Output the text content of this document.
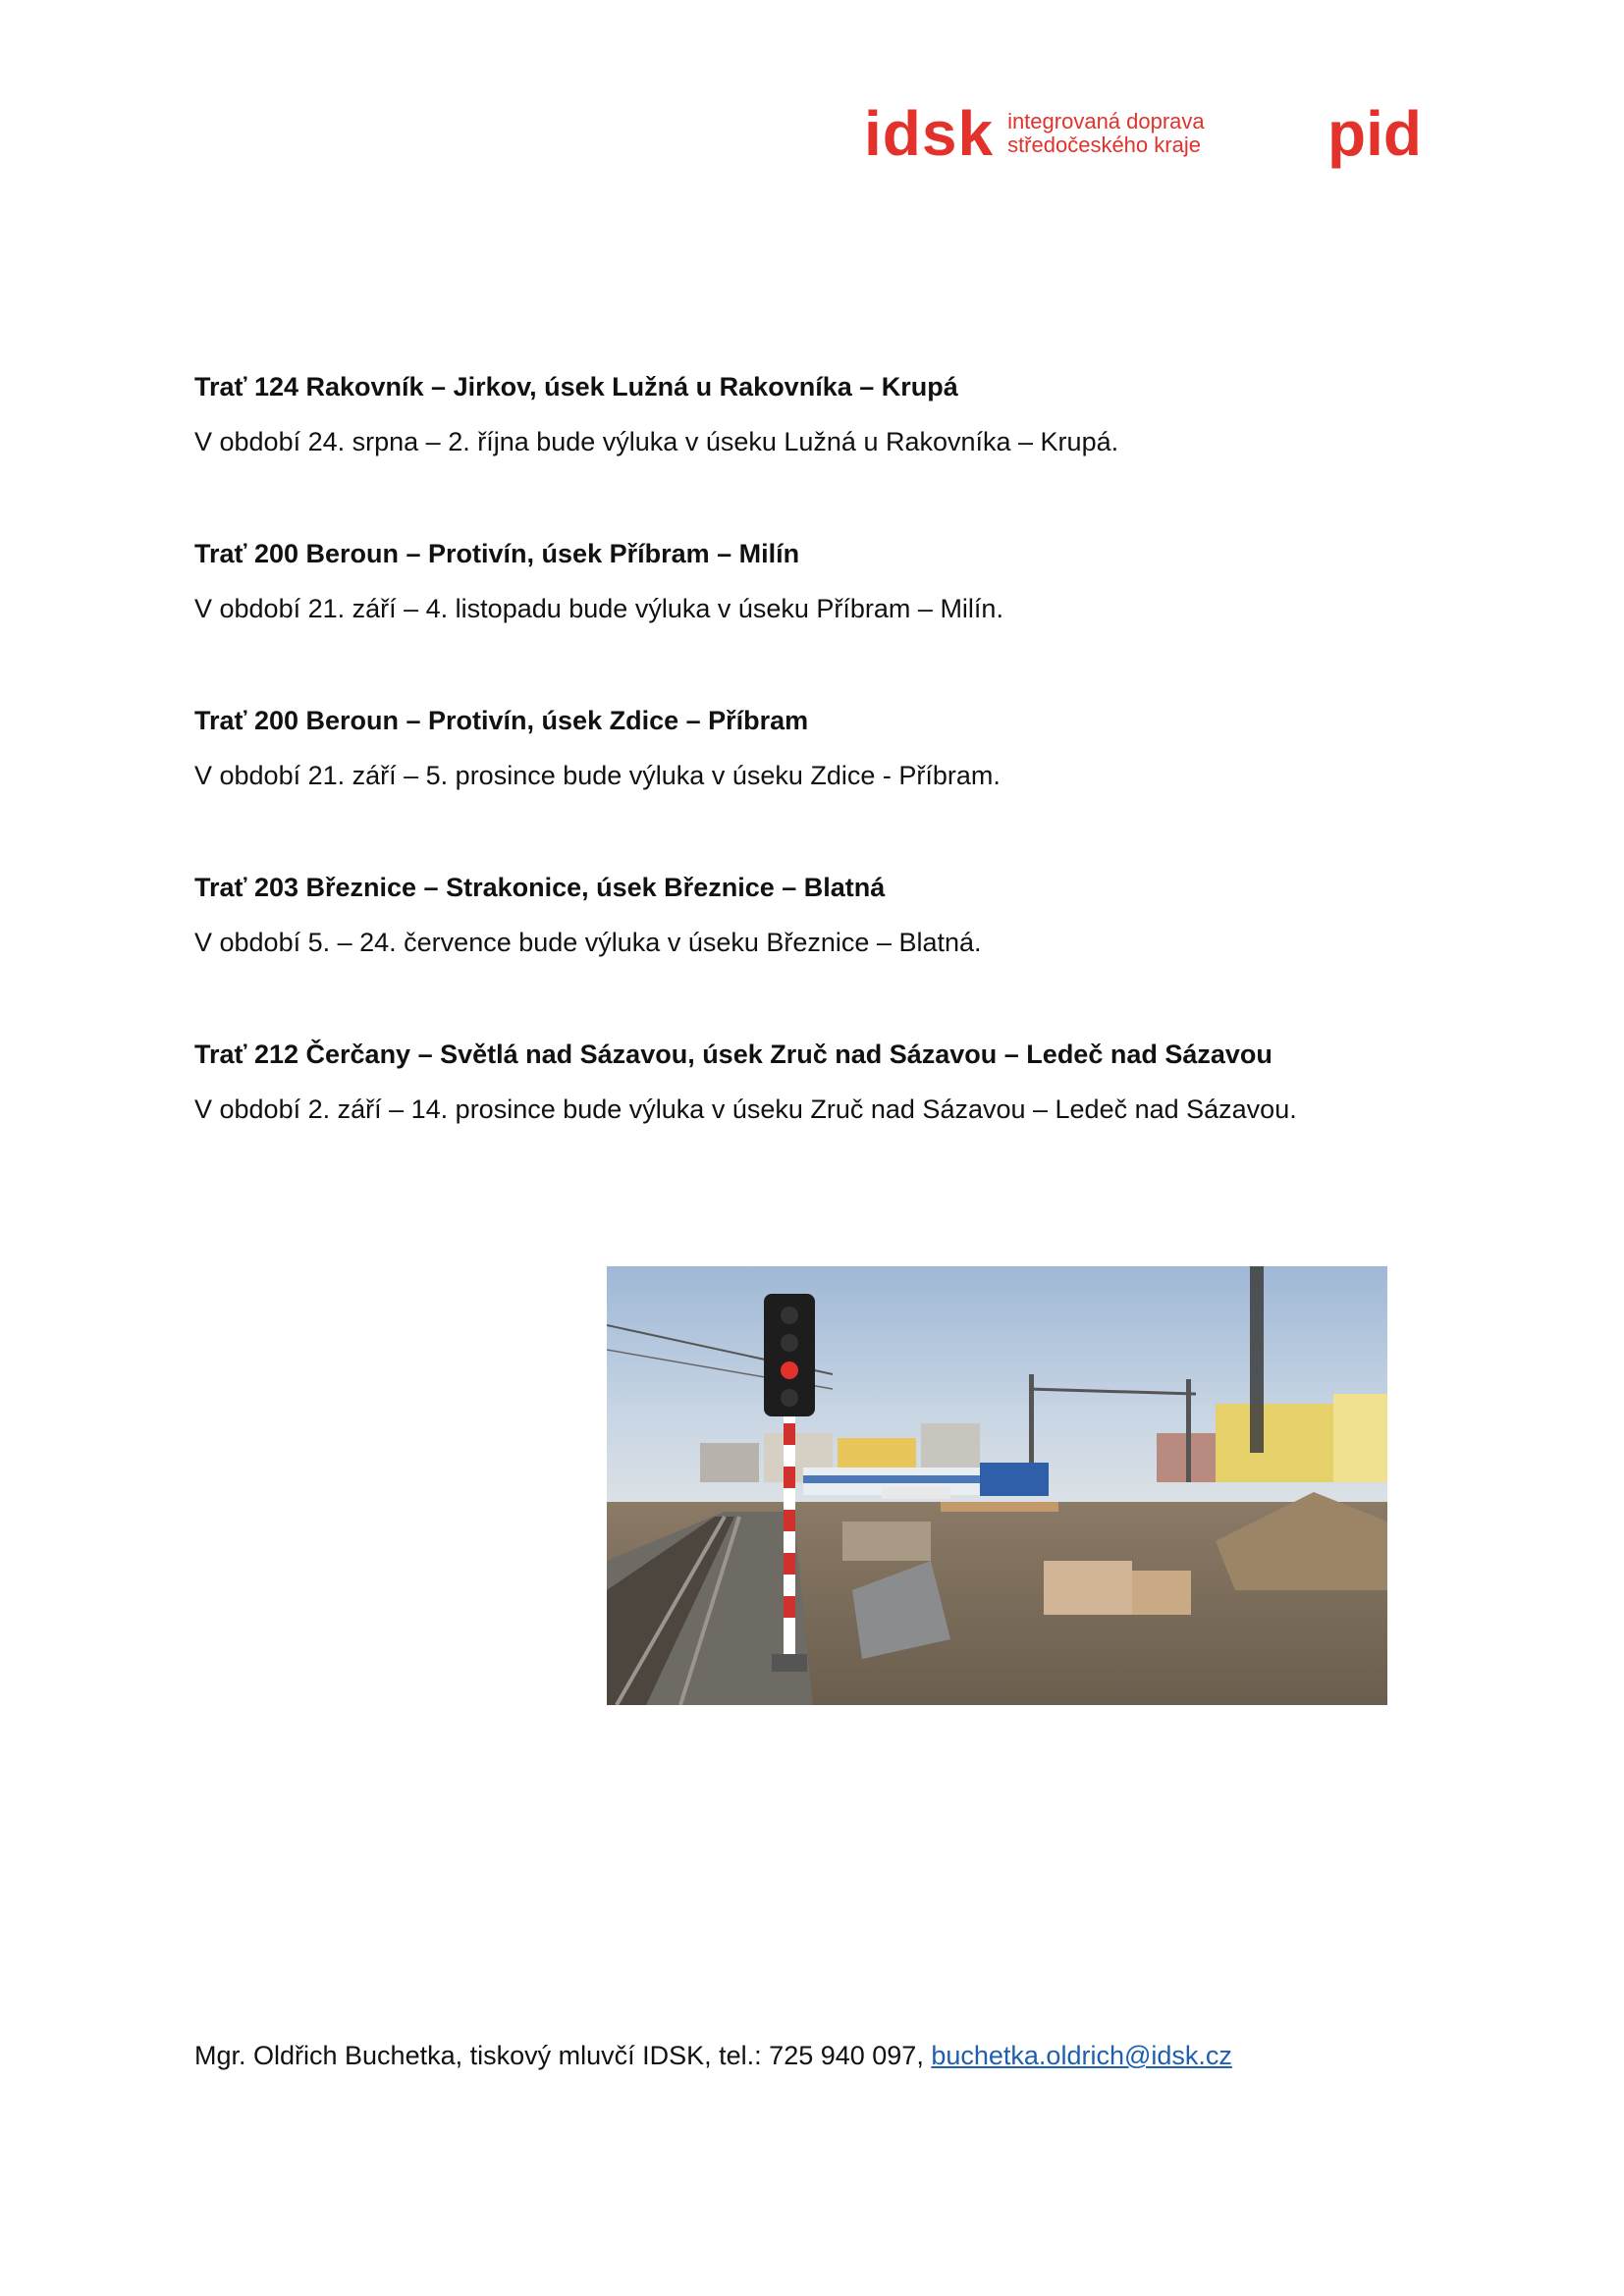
idsk integrovaná doprava
středočeského kraje pid
Trať 124 Rakovník – Jirkov, úsek Lužná u Rakovníka – Krupá
V období 24. srpna – 2. října bude výluka v úseku Lužná u Rakovníka – Krupá.
Trať 200 Beroun – Protivín, úsek Příbram – Milín
V období 21. září – 4. listopadu bude výluka v úseku Příbram – Milín.
Trať 200 Beroun – Protivín, úsek Zdice – Příbram
V období 21. září – 5. prosince bude výluka v úseku Zdice - Příbram.
Trať 203 Březnice – Strakonice, úsek Březnice – Blatná
V období 5. – 24. července bude výluka v úseku Březnice – Blatná.
Trať 212 Čerčany – Světlá nad Sázavou, úsek Zruč nad Sázavou – Ledeč nad Sázavou
V období 2. září – 14. prosince bude výluka v úseku Zruč nad Sázavou – Ledeč nad Sázavou.
Mgr. Oldřich Buchetka, tiskový mluvčí IDSK, tel.: 725 940 097, buchetka.oldrich@idsk.cz
